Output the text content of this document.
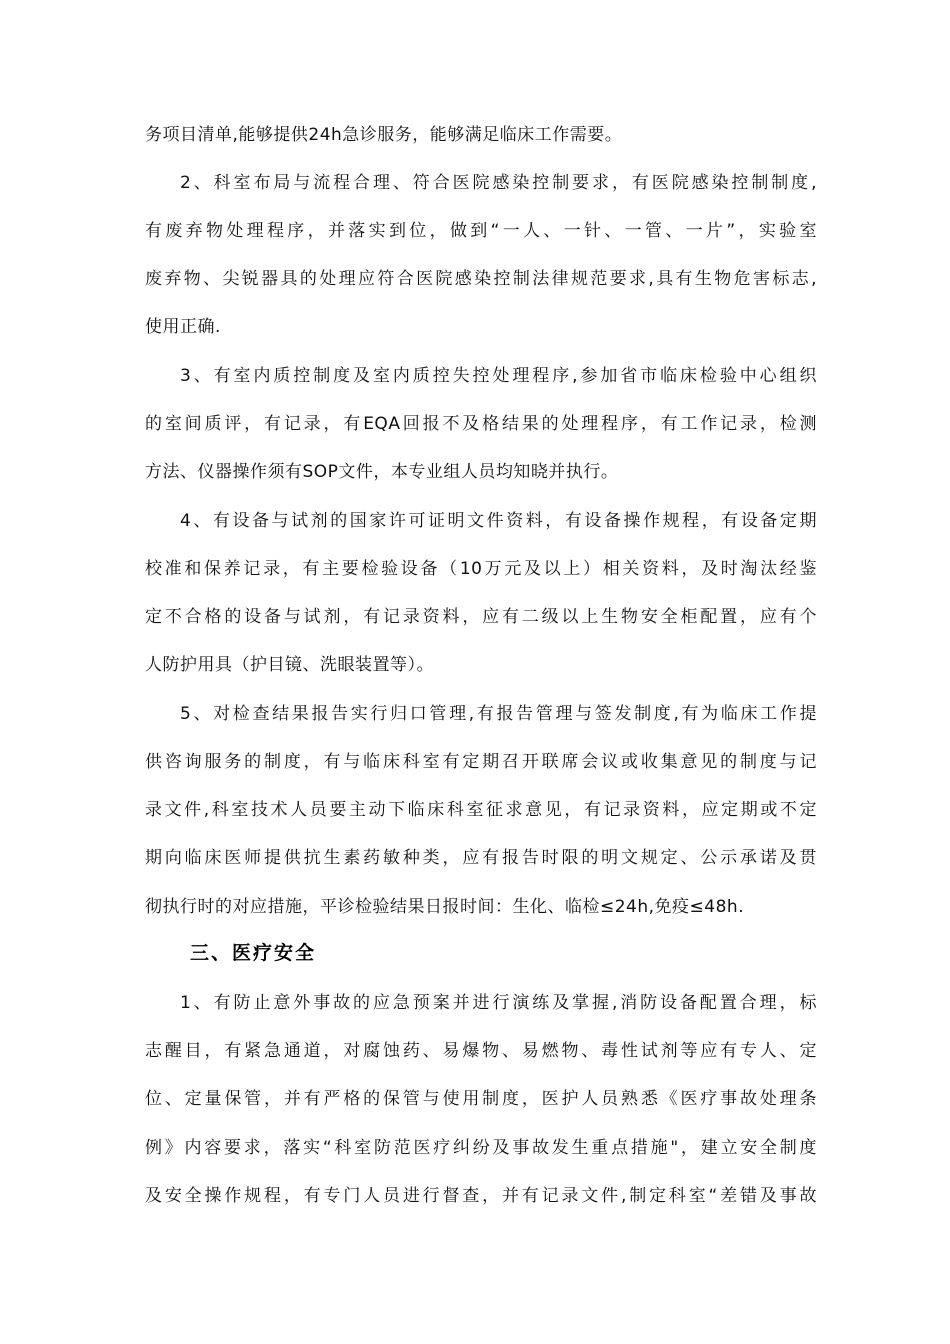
务项目清单,能够提供24h急诊服务，能够满足临床工作需要。
2、科室布局与流程合理、符合医院感染控制要求，有医院感染控制制度,
有废弃物处理程序，并落实到位，做到“一人、一针、一管、一片”，实验室
废弃物、尖锐器具的处理应符合医院感染控制法律规范要求,具有生物危害标志,
使用正确.
3、有室内质控制度及室内质控失控处理程序,参加省市临床检验中心组织
的室间质评，有记录，有EQA回报不及格结果的处理程序，有工作记录，检测
方法、仪器操作须有SOP文件，本专业组人员均知晓并执行。
4、有设备与试剂的国家许可证明文件资料，有设备操作规程，有设备定期
校准和保养记录，有主要检验设备（10万元及以上）相关资料，及时淘汰经鉴
定不合格的设备与试剂，有记录资料，应有二级以上生物安全柜配置，应有个
人防护用具（护目镜、洗眼装置等）。
5、对检查结果报告实行归口管理,有报告管理与签发制度,有为临床工作提
供咨询服务的制度，有与临床科室有定期召开联席会议或收集意见的制度与记
录文件,科室技术人员要主动下临床科室征求意见，有记录资料，应定期或不定
期向临床医师提供抗生素药敏种类，应有报告时限的明文规定、公示承诺及贯
彻执行时的对应措施，平诊检验结果日报时间：生化、临检≤24h,免疫≤48h.
三、医疗安全
1、有防止意外事故的应急预案并进行演练及掌握,消防设备配置合理，标
志醒目，有紧急通道，对腐蚀药、易爆物、易燃物、毒性试剂等应有专人、定
位、定量保管，并有严格的保管与使用制度，医护人员熟悉《医疗事故处理条
例》内容要求，落实“科室防范医疗纠纷及事故发生重点措施"，建立安全制度
及安全操作规程，有专门人员进行督查，并有记录文件,制定科室“差错及事故
